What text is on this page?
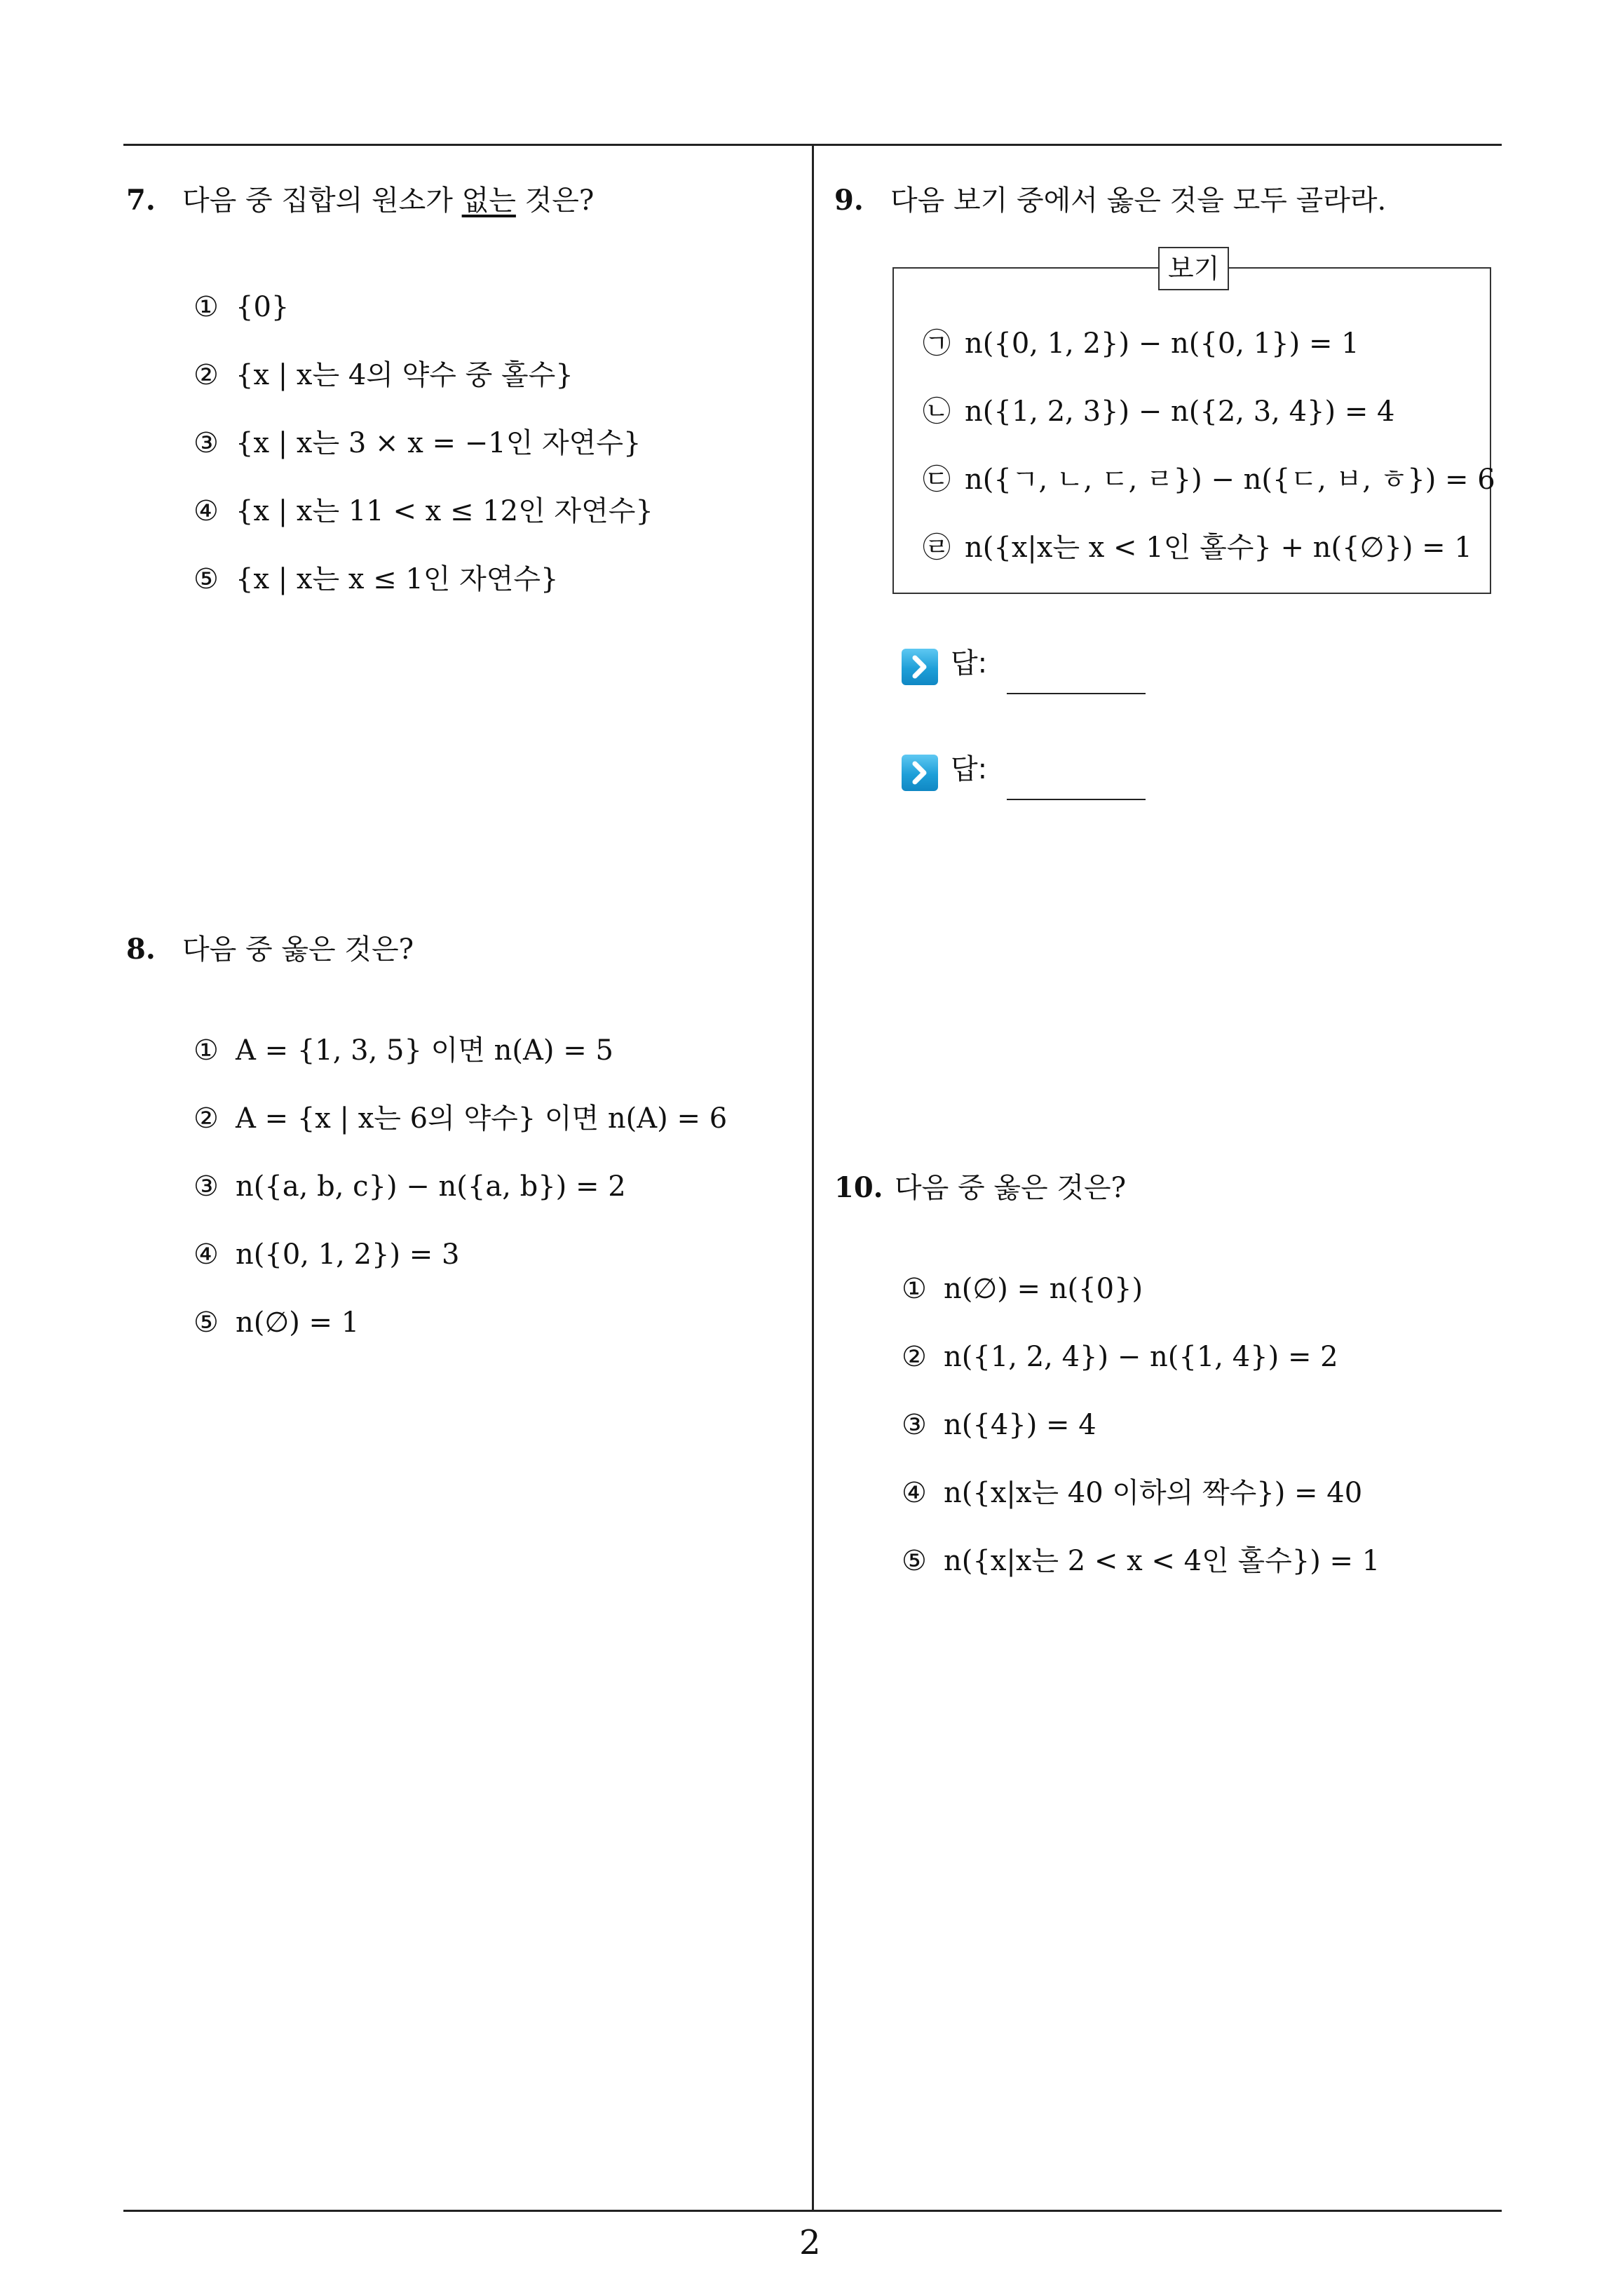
7. 다음 중 집합의 원소가 없는 것은?
① {0}
② {x | x는 4의 약수 중 홀수}
③ {x | x는 3 × x = −1인 자연수}
④ {x | x는 11 < x ≤ 12인 자연수}
⑤ {x | x는 x ≤ 1인 자연수}
8. 다음 중 옳은 것은?
① A = {1, 3, 5} 이면 n(A) = 5
② A = {x | x는 6의 약수} 이면 n(A) = 6
③ n({a, b, c}) − n({a, b}) = 2
④ n({0, 1, 2}) = 3
⑤ n(∅) = 1
9. 다음 보기 중에서 옳은 것을 모두 골라라.
보기
㉠ n({0, 1, 2}) − n({0, 1}) = 1
㉡ n({1, 2, 3}) − n({2, 3, 4}) = 4
㉢ n({ㄱ, ㄴ, ㄷ, ㄹ}) − n({ㄷ, ㅂ, ㅎ}) = 6
㉣ n({x|x는 x < 1인 홀수} + n({∅}) = 1
답:
답:
10. 다음 중 옳은 것은?
① n(∅) = n({0})
② n({1, 2, 4}) − n({1, 4}) = 2
③ n({4}) = 4
④ n({x|x는 40 이하의 짝수}) = 40
⑤ n({x|x는 2 < x < 4인 홀수}) = 1
2
